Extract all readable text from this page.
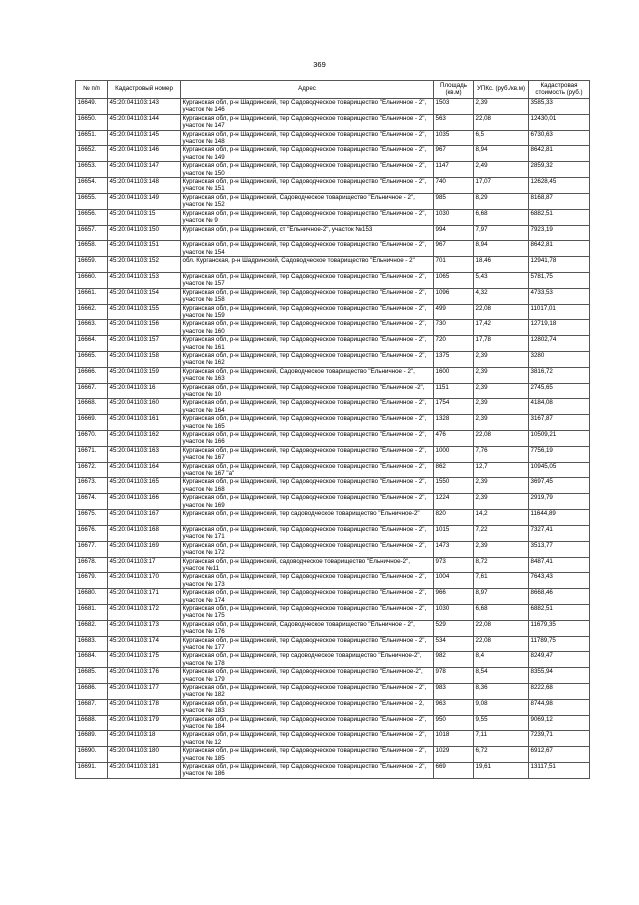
369
№ п/п	Кадастровый номер	Адрес	Площадь (кв.м)	УПКс. (руб./кв.м)	Кадастровая стоимость (руб.)
16649.	45:20:041103:143	Курганская обл, р-н Шадринский, тер Садоводческое товарищество "Ельничное - 2", участок № 146	1503	2,39	3585,33
16650.	45:20:041103:144	Курганская обл, р-н Шадринский, тер Садоводческое товарищество "Ельничное - 2", участок № 147	563	22,08	12430,01
16651.	45:20:041103:145	Курганская обл, р-н Шадринский, тер Садоводческое товарищество "Ельничное - 2", участок № 148	1035	6,5	6730,63
16652.	45:20:041103:146	Курганская обл, р-н Шадринский, тер Садоводческое товарищество "Ельничное - 2", участок № 149	967	8,94	8642,81
16653.	45:20:041103:147	Курганская обл, р-н Шадринский, тер Садоводческое товарищество "Ельничное - 2", участок № 150	1147	2,49	2859,32
16654.	45:20:041103:148	Курганская обл, р-н Шадринский, тер Садоводческое товарищество "Ельничное - 2", участок № 151	740	17,07	12628,45
16655.	45:20:041103:149	Курганская обл, р-н Шадринский, Садоводческое товарищество "Ельничное - 2", участок № 152	985	8,29	8168,87
16656.	45:20:041103:15	Курганская обл, р-н Шадринский, тер Садоводческое товарищество "Ельничное - 2", участок № 9	1030	6,68	6882,51
16657.	45:20:041103:150	Курганская обл, р-н Шадринский, ст "Ельничное-2", участок №153	994	7,97	7923,19
16658.	45:20:041103:151	Курганская обл, р-н Шадринский, тер Садоводческое товарищество "Ельничное - 2", участок № 154	967	8,94	8642,81
16659.	45:20:041103:152	обл. Курганская, р-н Шадринский, Садоводческое товарищество "Ельничное - 2"	701	18,46	12941,78
16660.	45:20:041103:153	Курганская обл, р-н Шадринский, тер Садоводческое товарищество "Ельничное - 2", участок № 157	1065	5,43	5781,75
16661.	45:20:041103:154	Курганская обл, р-н Шадринский, тер Садоводческое товарищество "Ельничное - 2", участок № 158	1096	4,32	4733,53
16662.	45:20:041103:155	Курганская обл, р-н Шадринский, тер Садоводческое товарищество "Ельничное - 2", участок № 159	499	22,08	11017,01
16663.	45:20:041103:156	Курганская обл, р-н Шадринский, тер Садоводческое товарищество "Ельничное - 2", участок № 160	730	17,42	12719,18
16664.	45:20:041103:157	Курганская обл, р-н Шадринский, тер Садоводческое товарищество "Ельничное - 2", участок № 161	720	17,78	12802,74
16665.	45:20:041103:158	Курганская обл, р-н Шадринский, тер Садоводческое товарищество "Ельничное - 2", участок № 162	1375	2,39	3280
16666.	45:20:041103:159	Курганская обл, р-н Шадринский, Садоводческое товарищество "Ельничное - 2", участок № 163	1600	2,39	3816,72
16667.	45:20:041103:16	Курганская обл, р-н Шадринский, тер Садоводческое товарищество "Ельничное -2", участок № 10	1151	2,39	2745,65
16668.	45:20:041103:160	Курганская обл, р-н Шадринский, тер Садоводческое товарищество "Ельничное - 2", участок № 164	1754	2,39	4184,08
16669.	45:20:041103:161	Курганская обл, р-н Шадринский, тер Садоводческое товарищество "Ельничное - 2", участок № 165	1328	2,39	3167,87
16670.	45:20:041103:162	Курганская обл, р-н Шадринский, тер Садоводческое товарищество "Ельничное - 2", участок № 166	476	22,08	10509,21
16671.	45:20:041103:163	Курганская обл, р-н Шадринский, тер Садоводческое товарищество "Ельничное - 2", участок № 167	1000	7,76	7756,19
16672.	45:20:041103:164	Курганская обл, р-н Шадринский, тер Садоводческое товарищество "Ельничное - 2", участок № 167 "а"	862	12,7	10945,05
16673.	45:20:041103:165	Курганская обл, р-н Шадринский, тер Садоводческое товарищество "Ельничное - 2", участок № 168	1550	2,39	3697,45
16674.	45:20:041103:166	Курганская обл, р-н Шадринский, тер Садоводческое товарищество "Ельничное - 2", участок № 169	1224	2,39	2919,79
16675.	45:20:041103:167	Курганская обл, р-н Шадринский, тер садоводческое товарищество "Ельничное-2"	820	14,2	11644,89
16676.	45:20:041103:168	Курганская обл, р-н Шадринский, тер Садоводческое товарищество "Ельничное - 2", участок № 171	1015	7,22	7327,41
16677.	45:20:041103:169	Курганская обл, р-н Шадринский, тер Садоводческое товарищество "Ельничное - 2", участок № 172	1473	2,39	3513,77
16678.	45:20:041103:17	Курганская обл, р-н Шадринский, садоводческое товарищество "Ельничное-2", участок №11	973	8,72	8487,41
16679.	45:20:041103:170	Курганская обл, р-н Шадринский, тер Садоводческое товарищество "Ельничное - 2", участок № 173	1004	7,61	7643,43
16680.	45:20:041103:171	Курганская обл, р-н Шадринский, тер Садоводческое товарищество "Ельничное - 2", участок № 174	966	8,97	8668,46
16681.	45:20:041103:172	Курганская обл, р-н Шадринский, тер Садоводческое товарищество "Ельничное - 2", участок № 175	1030	6,68	6882,51
16682.	45:20:041103:173	Курганская обл, р-н Шадринский, Садоводческое товарищество "Ельничное - 2", участок № 176	529	22,08	11679,35
16683.	45:20:041103:174	Курганская обл, р-н Шадринский, тер Садоводческое товарищество "Ельничное - 2", участок № 177	534	22,08	11789,75
16684.	45:20:041103:175	Курганская обл, р-н Шадринский, тер садоводческое товарищество "Ельничное-2", участок № 178	982	8,4	8249,47
16685.	45:20:041103:176	Курганская обл, р-н Шадринский, тер Садоводческое товарищество "Ельничное-2", участок № 179	978	8,54	8355,94
16686.	45:20:041103:177	Курганская обл, р-н Шадринский, тер Садоводческое товарищество "Ельничное - 2", участок № 182	983	8,36	8222,68
16687.	45:20:041103:178	Курганская обл, р-н Шадринский, тер Садоводческое товарищество "Ельничное - 2, участок № 183	963	9,08	8744,98
16688.	45:20:041103:179	Курганская обл, р-н Шадринский, тер Садоводческое товарищество "Ельничное - 2", участок № 184	950	9,55	9069,12
16689.	45:20:041103:18	Курганская обл, р-н Шадринский, тер Садоводческое товарищество "Ельничное - 2", участок № 12	1018	7,11	7239,71
16690.	45:20:041103:180	Курганская обл, р-н Шадринский, тер Садоводческое товарищество "Ельничное - 2", участок № 185	1029	6,72	6912,67
16691.	45:20:041103:181	Курганская обл, р-н Шадринский, тер Садоводческое товарищество "Ельничное - 2", участок № 186	669	19,61	13117,51
